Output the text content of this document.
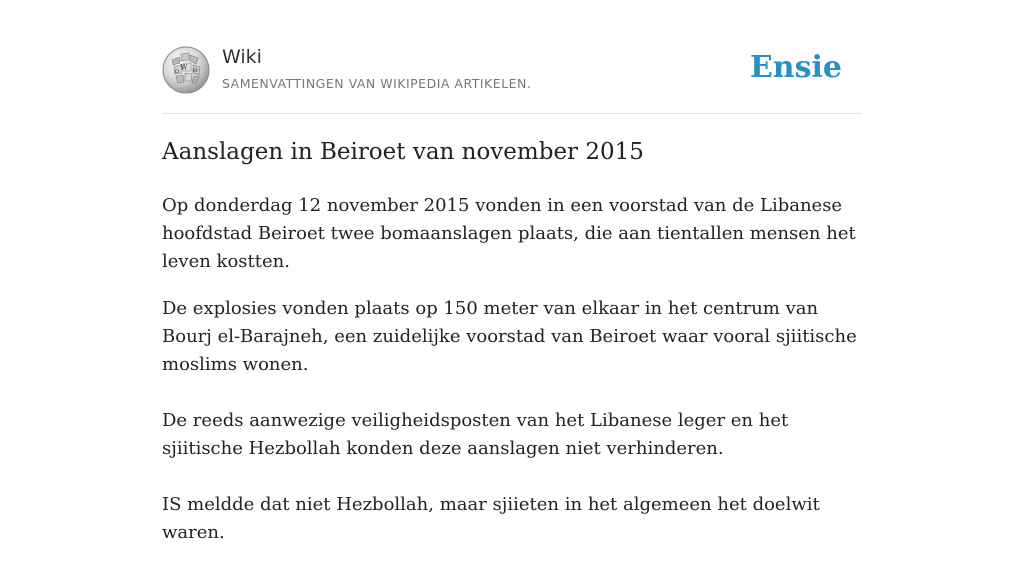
W
Ω	И
Wiki
SAMENVATTINGEN VAN WIKIPEDIA ARTIKELEN.	Ensie
Aanslagen in Beiroet van november 2015

Op donderdag 12 november 2015 vonden in een voorstad van de Libanese hoofdstad Beiroet twee bomaanslagen plaats, die aan tientallen mensen het leven kostten.

De explosies vonden plaats op 150 meter van elkaar in het centrum van Bourj el-Barajneh, een zuidelijke voorstad van Beiroet waar vooral sjiitische moslims wonen.

De reeds aanwezige veiligheidsposten van het Libanese leger en het sjiitische Hezbollah konden deze aanslagen niet verhinderen.

IS meldde dat niet Hezbollah, maar sjiieten in het algemeen het doelwit waren.
